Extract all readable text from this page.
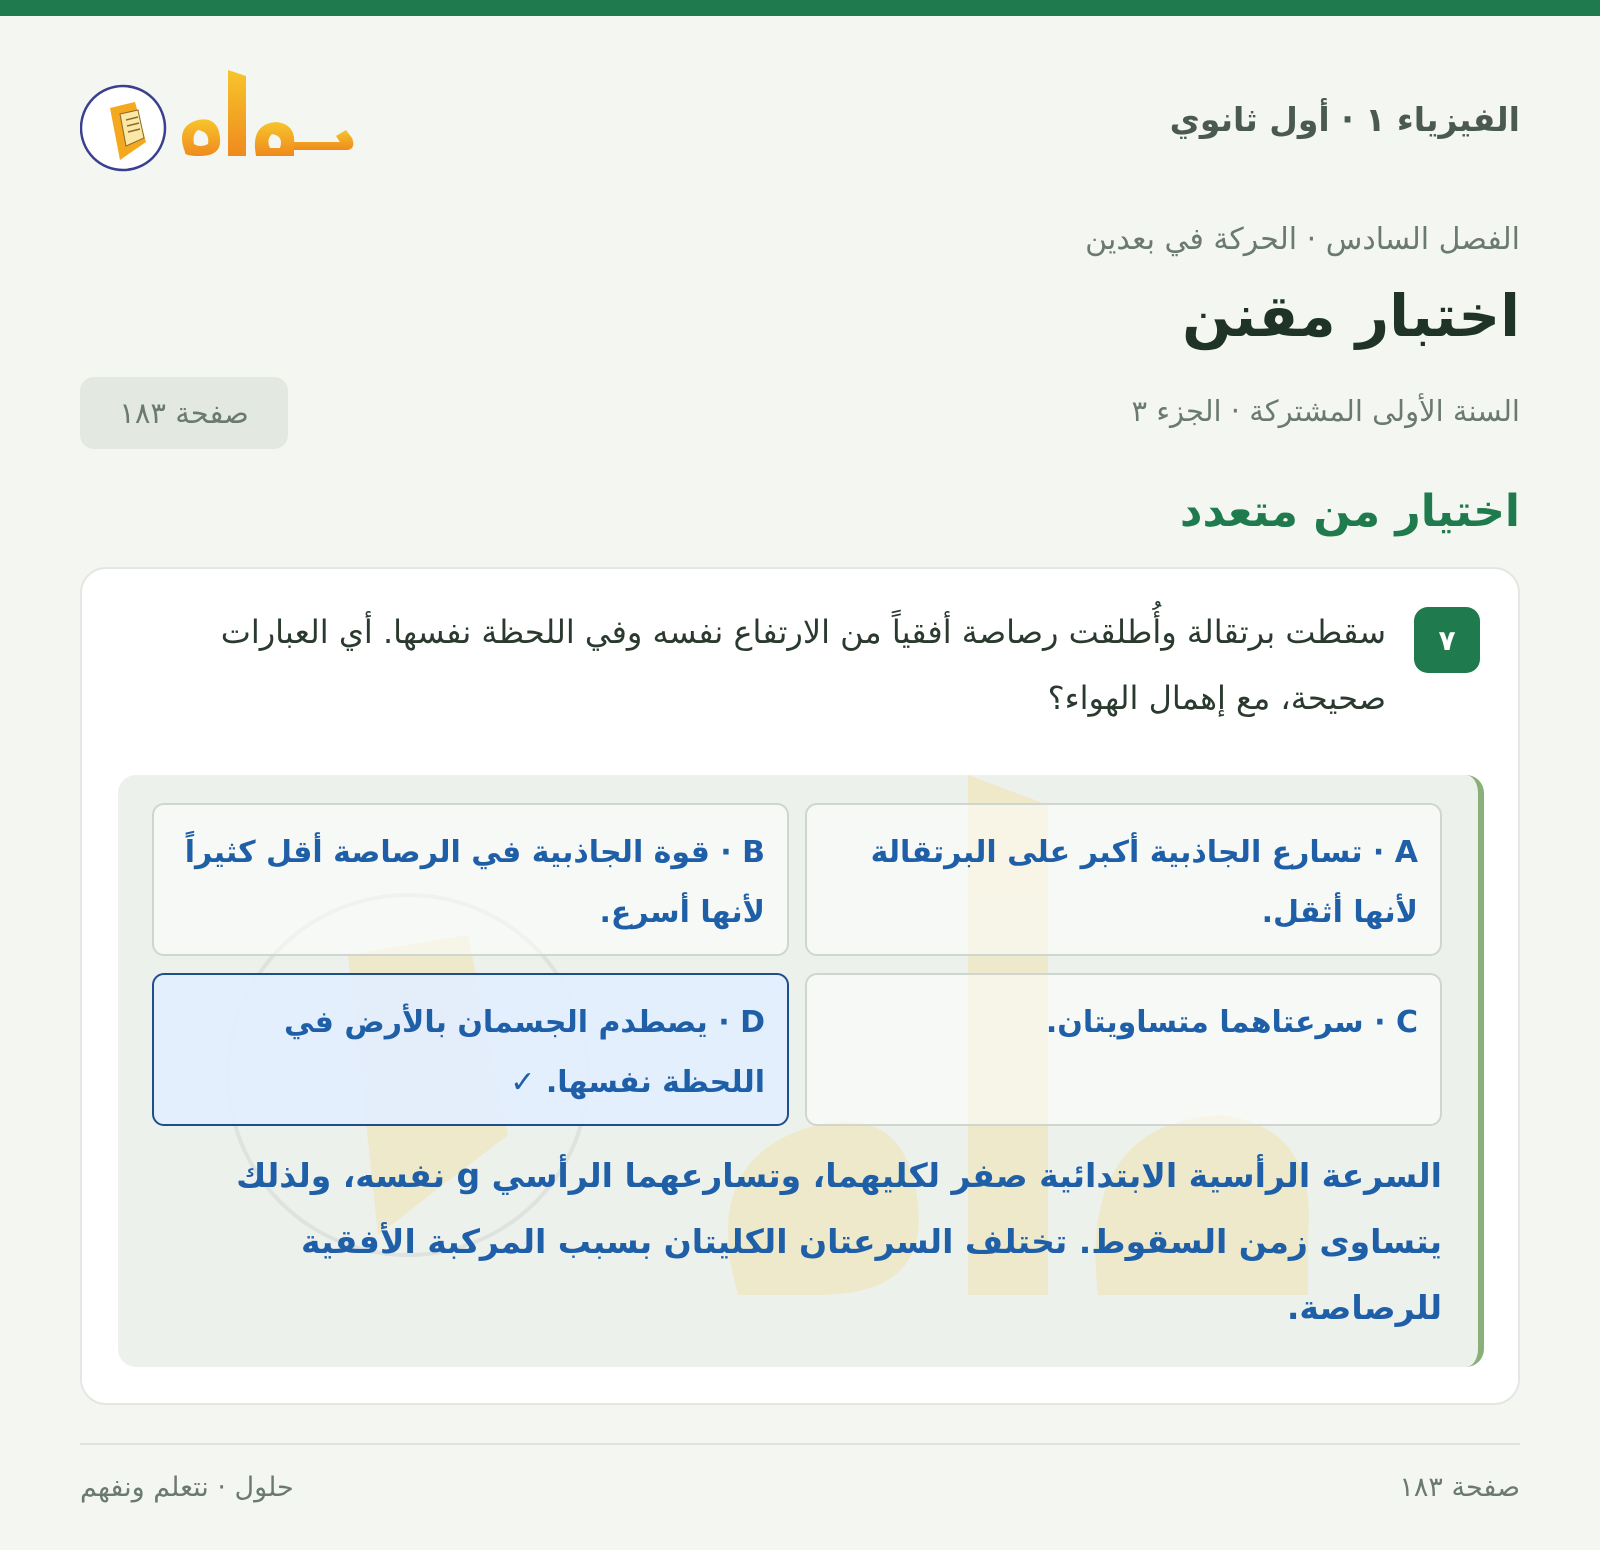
الفيزياء ١ · أول ثانوي
الفصل السادس · الحركة في بعدين
اختبار مقنن
السنة الأولى المشتركة · الجزء ٣
صفحة ١٨٣
اختيار من متعدد
٧
سقطت برتقالة وأُطلقت رصاصة أفقياً من الارتفاع نفسه وفي اللحظة نفسها. أي العبارات صحيحة، مع إهمال الهواء؟
A · تسارع الجاذبية أكبر على البرتقالة لأنها أثقل.
B · قوة الجاذبية في الرصاصة أقل كثيراً لأنها أسرع.
C · سرعتاهما متساويتان.
D · يصطدم الجسمان بالأرض في اللحظة نفسها. ✓
السرعة الرأسية الابتدائية صفر لكليهما، وتسارعهما الرأسي g نفسه، ولذلك يتساوى زمن السقوط. تختلف السرعتان الكليتان بسبب المركبة الأفقية للرصاصة.
صفحة ١٨٣
حلول · نتعلم ونفهم
